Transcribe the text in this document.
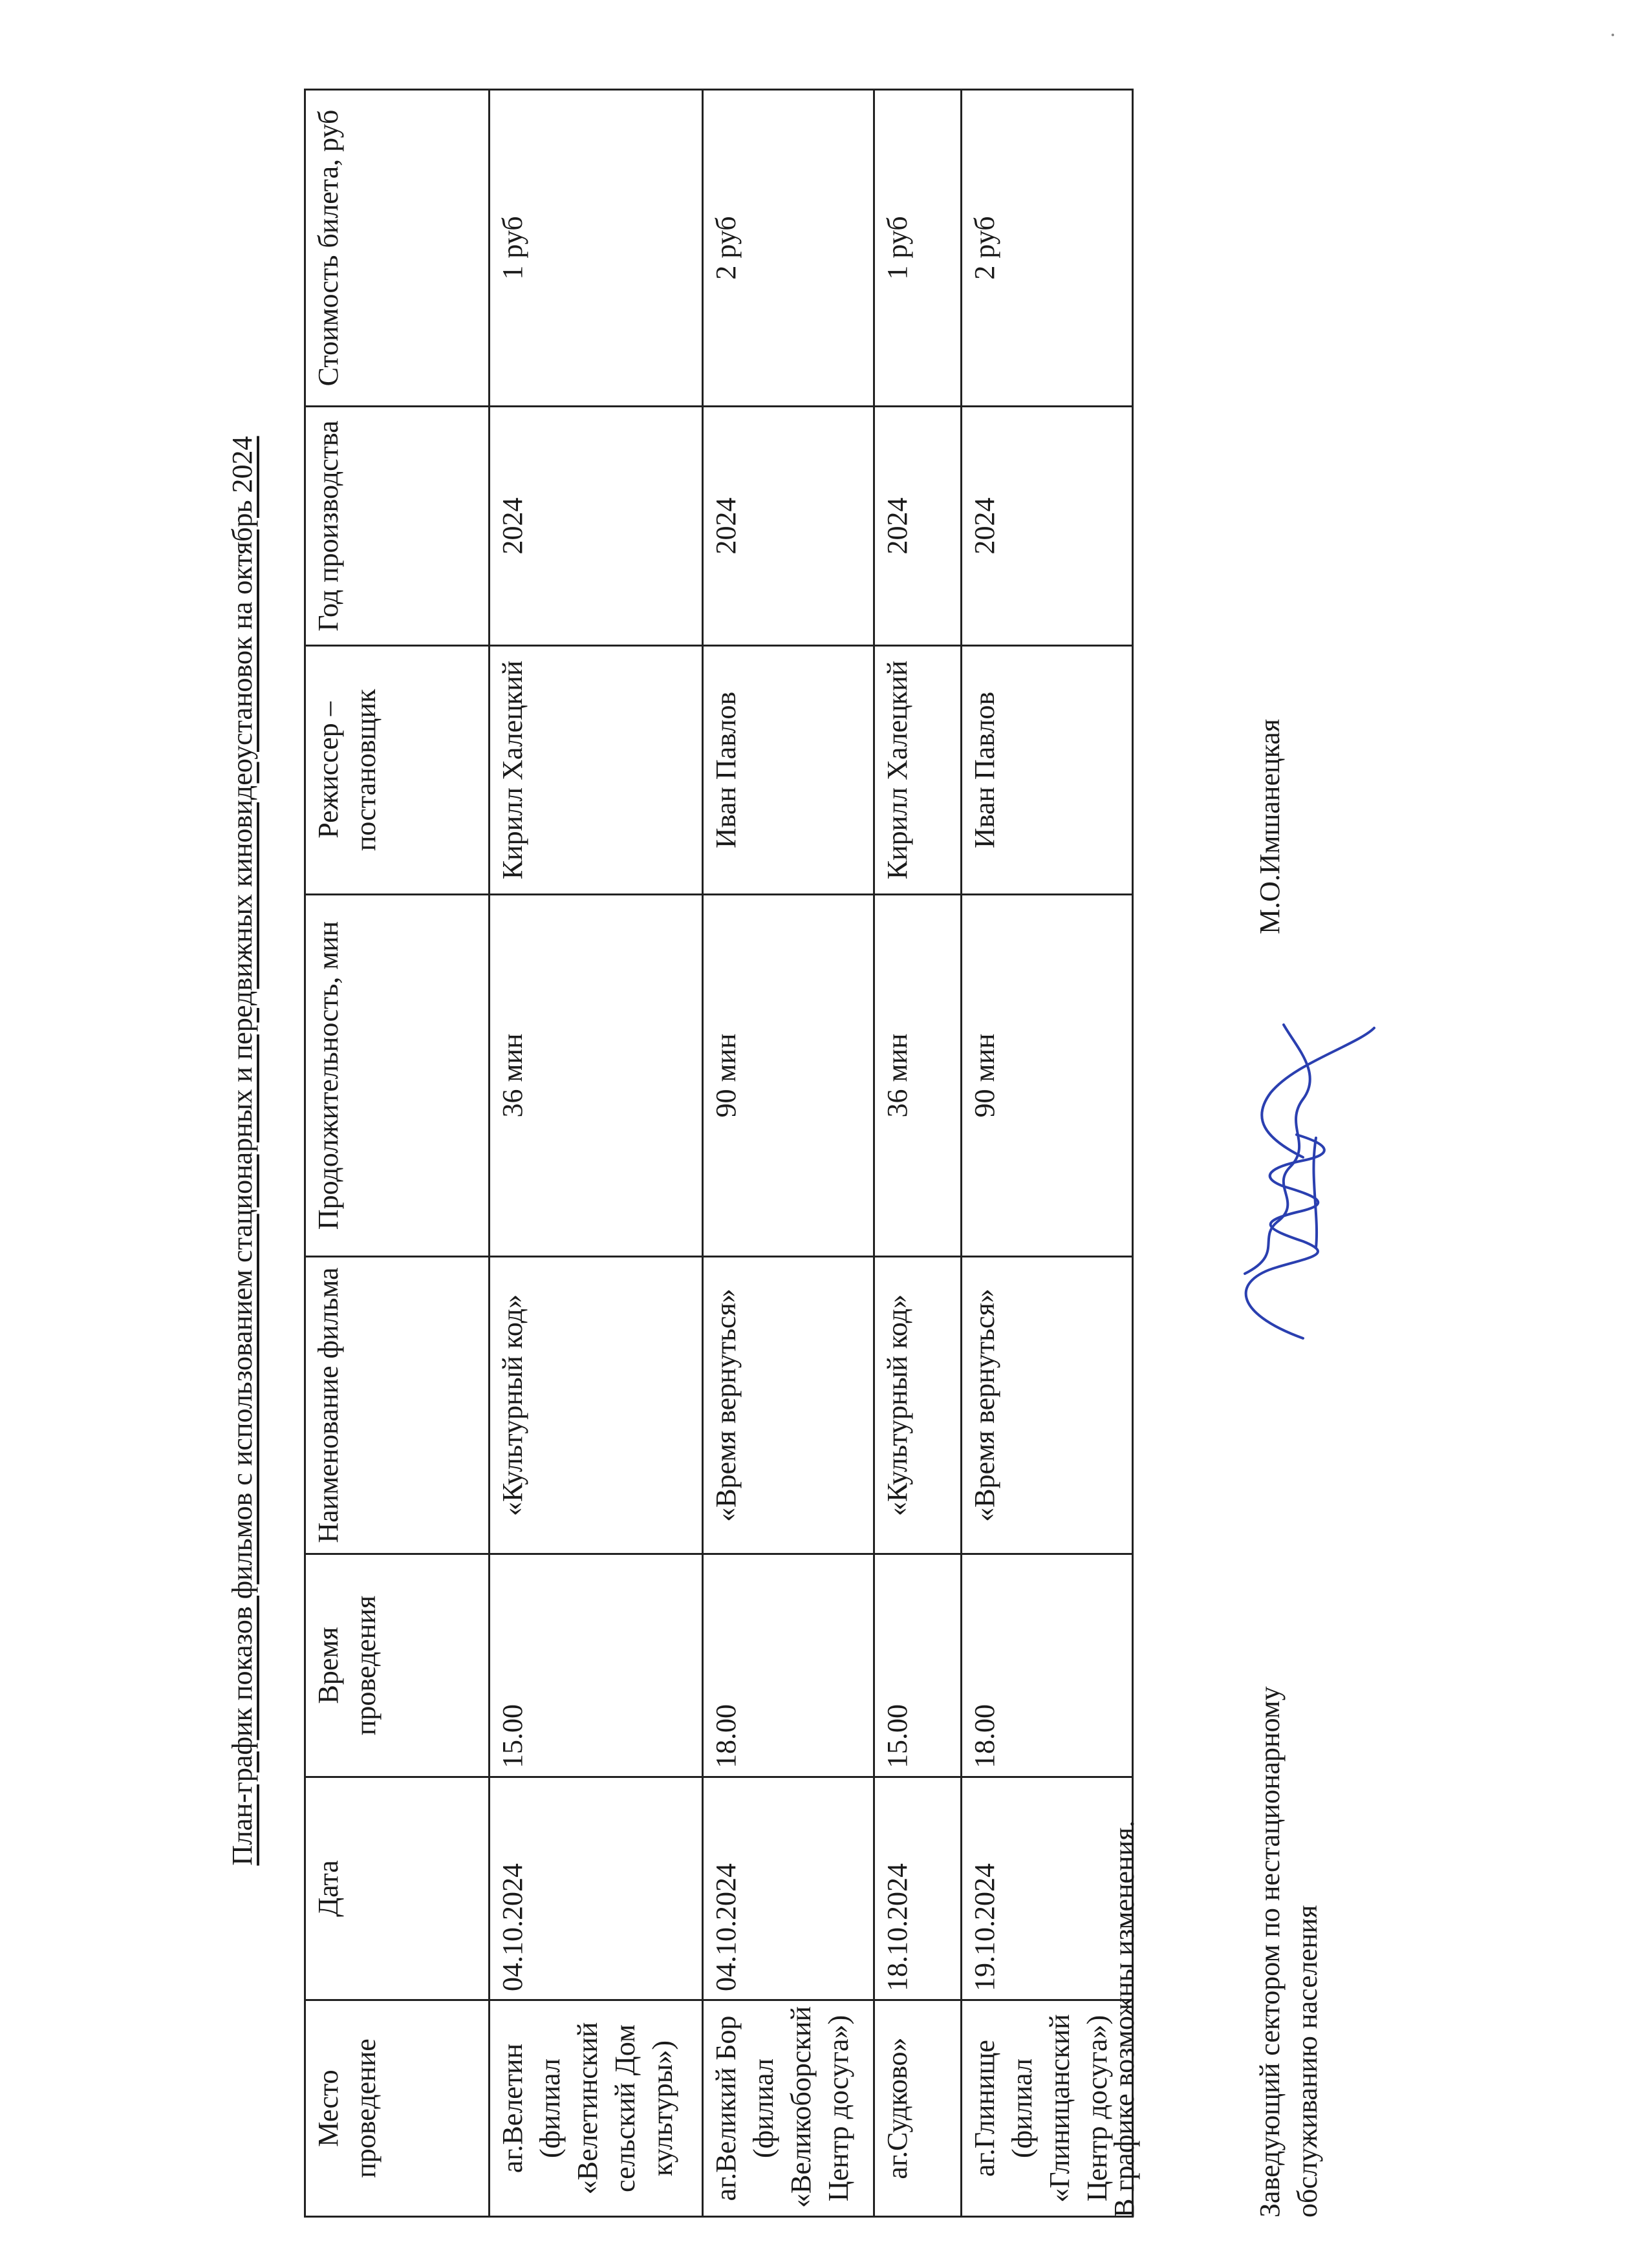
План-график показов фильмов с использованием стационарных и передвижных киновидеоустановок на октябрь 2024
Место проведение	Дата	Время проведения	Наименование фильма	Продолжительность, мин	Режиссер – постановщик	Год производства	Стоимость билета, руб
аг.Велетин (филиал «Велетинский сельский Дом культуры»)	04.10.2024	15.00	«Культурный код»	36 мин	Кирилл Халецкий	2024	1 руб
аг.Великий Бор (филиал «Великоборский Центр досуга»)	04.10.2024	18.00	«Время вернуться»	90 мин	Иван Павлов	2024	2 руб
аг.Судково»	18.10.2024	15.00	«Культурный код»	36 мин	Кирилл Халецкий	2024	1 руб
аг.Глинище (филиал «Глиницанский Центр досуга»)	19.10.2024	18.00	«Время вернуться»	90 мин	Иван Павлов	2024	2 руб
В графике возможны изменения.	Заведующий сектором по нестационарному обслуживанию населения
М.О.Имшанецкая
